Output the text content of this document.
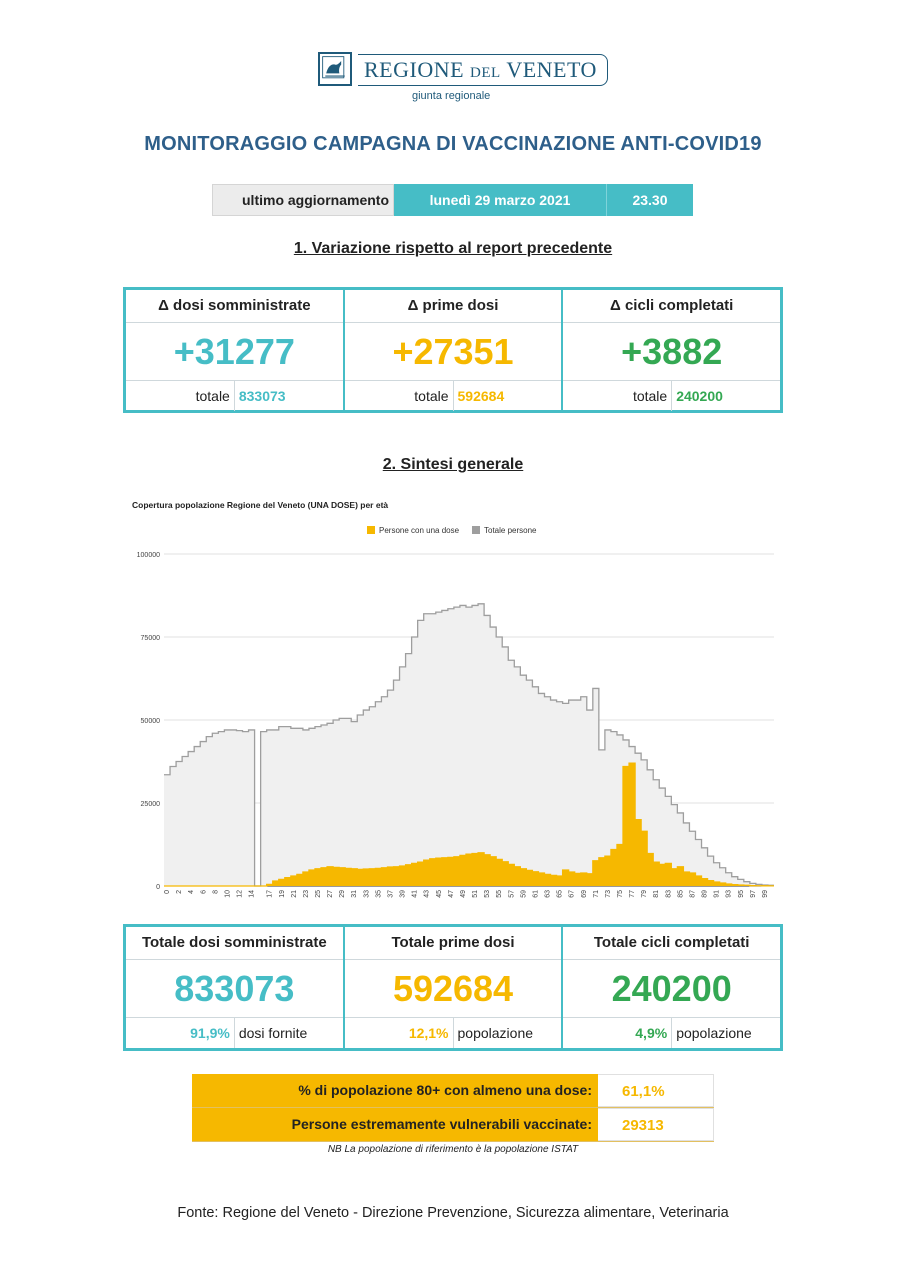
REGIONE DEL VENETO
giunta regionale
MONITORAGGIO CAMPAGNA DI VACCINAZIONE ANTI-COVID19
ultimo aggiornamento	lunedì 29 marzo 2021	23.30
1. Variazione rispetto al report precedente
Δ dosi somministrate
+31277
totale 833073
Δ prime dosi
+27351
totale 592684
Δ cicli completati
+3882
totale 240200
2. Sintesi generale
Copertura popolazione Regione del Veneto (UNA DOSE) per età
Persone con una dose	Totale persone
0
25000
50000
75000
100000
0 2 4 6 8 10 12 14 17 19 21 23 25 27 29 31 33 35 37 39 41 43 45 47 49 51 53 55 57 59 61 63 65 67 69 71 73 75 77 79 81 83 85 87 89 91 93 95 97 99
Totale dosi somministrate
833073
91,9% dosi fornite
Totale prime dosi
592684
12,1% popolazione
Totale cicli completati
240200
4,9% popolazione
% di popolazione 80+ con almeno una dose:	61,1%
Persone estremamente vulnerabili vaccinate:	29313
NB La popolazione di riferimento è la popolazione ISTAT
Fonte: Regione del Veneto - Direzione Prevenzione, Sicurezza alimentare, Veterinaria
